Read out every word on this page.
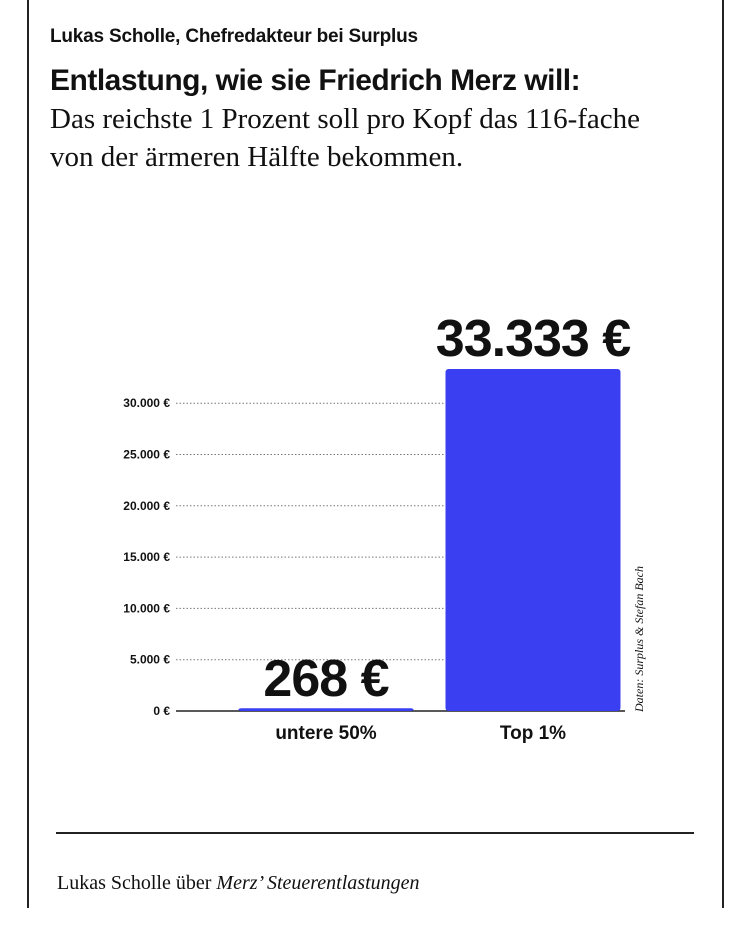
Lukas Scholle, Chefredakteur bei Surplus
Entlastung, wie sie Friedrich Merz will:
Das reichste 1 Prozent soll pro Kopf das 116-fache von der ärmeren Hälfte bekommen.
0 €
5.000 €
10.000 €
15.000 €
20.000 €
25.000 €
30.000 €
268 €
untere 50%
33.333 €
Top 1%
Daten: Surplus & Stefan Bach
Lukas Scholle über Merz’ Steuerentlastungen
